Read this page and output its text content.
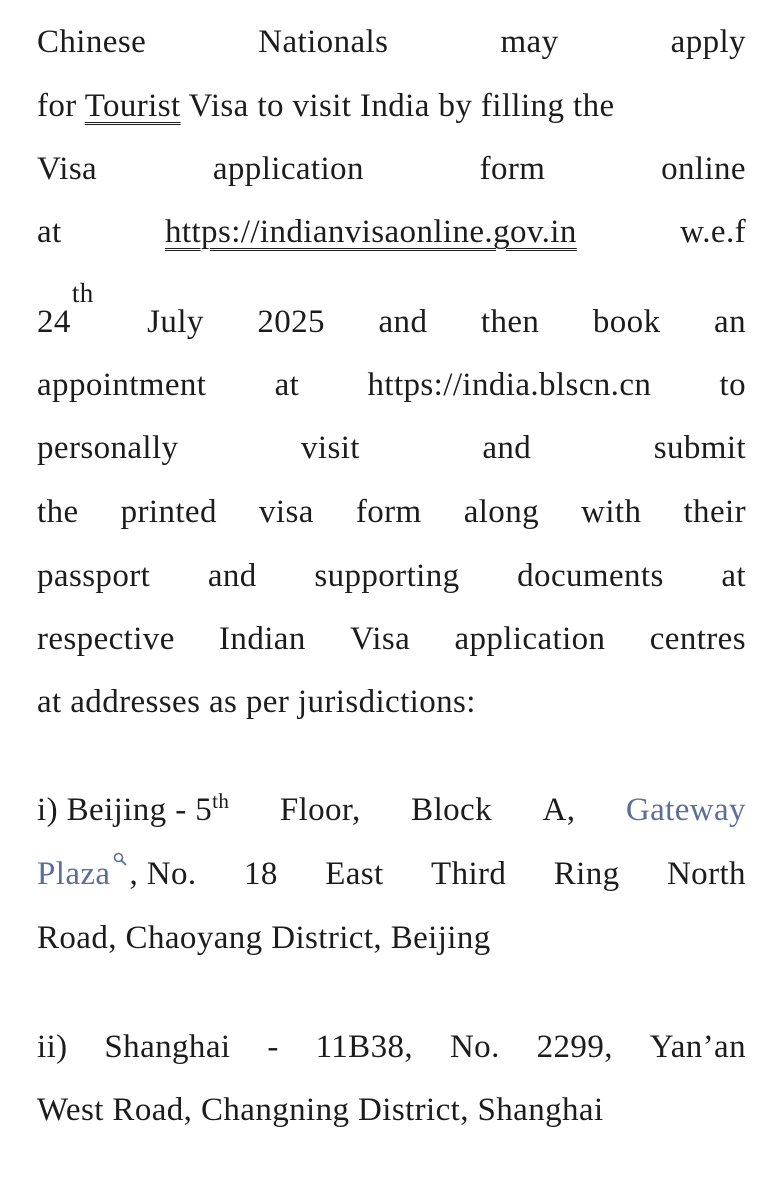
Chinese	Nationals	may	apply
for Tourist Visa to visit India by filling the
Visa	application	form	online
at	https://indianvisaonline.gov.in	w.e.f
24th
July 2025 and then book an
appointment at https://india.blscn.cn to
personally	visit	and	submit
the printed visa form along with their
passport and supporting documents at
respective Indian Visa application centres
at addresses as per jurisdictions:
i) Beijing - 5th Floor, Block A, Gateway
Plaza , No. 18 East Third Ring North
Road, Chaoyang District, Beijing
ii) Shanghai - 11B38, No. 2299, Yan’an
West Road, Changning District, Shanghai
